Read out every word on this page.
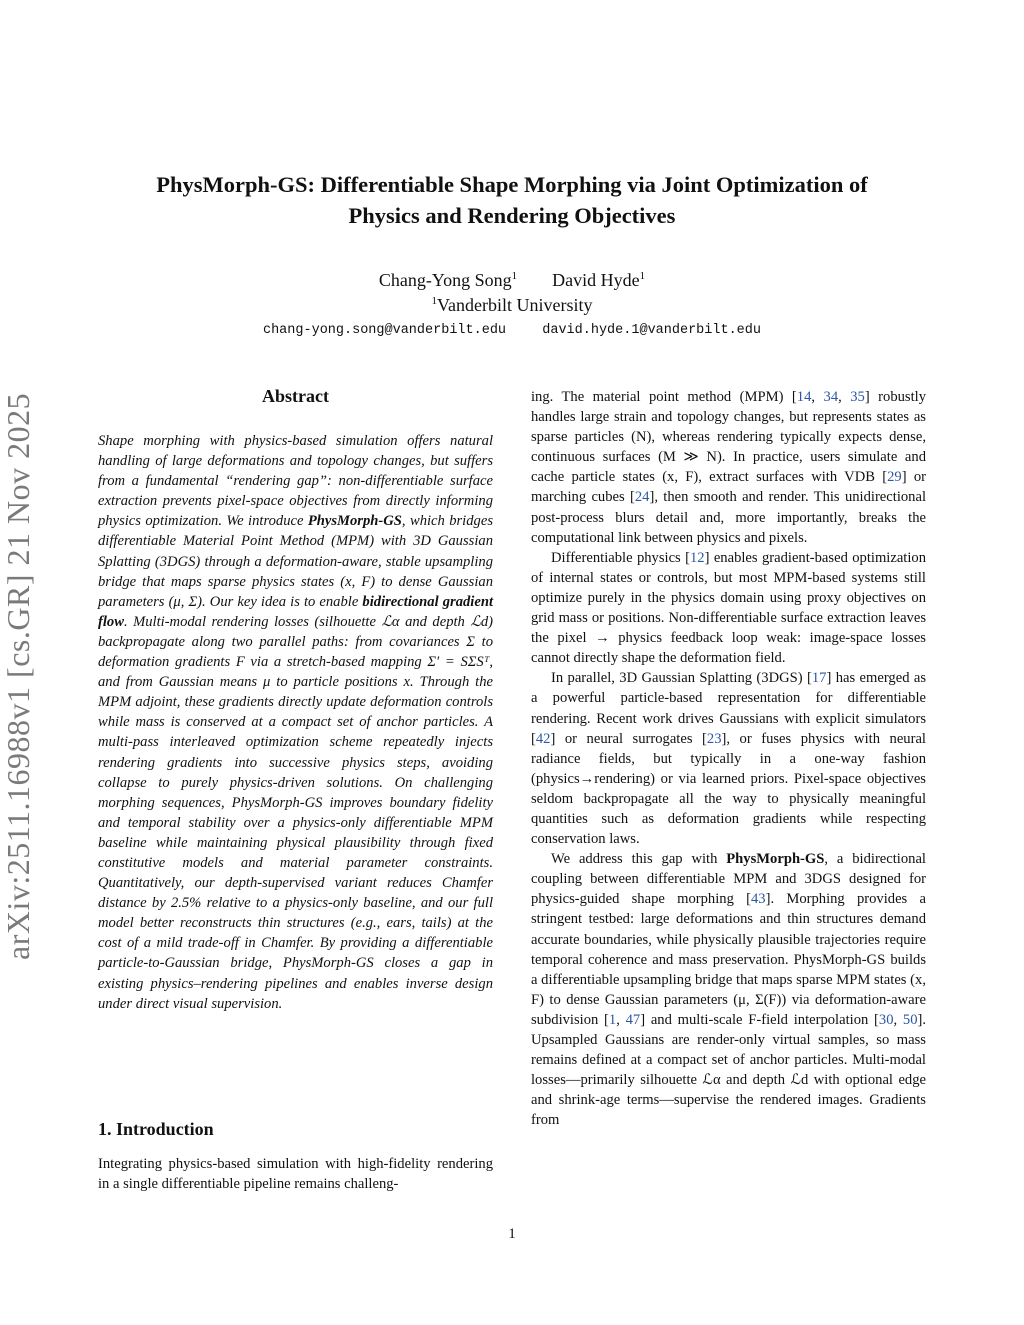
arXiv:2511.16988v1 [cs.GR] 21 Nov 2025
PhysMorph-GS: Differentiable Shape Morphing via Joint Optimization of
Physics and Rendering Objectives
Chang-Yong Song$^1$ David Hyde$^1$
$^1$Vanderbilt University
chang-yong.song@vanderbilt.edu	david.hyde.1@vanderbilt.edu
Abstract

Shape morphing with physics-based simulation offers natural handling of large deformations and topology changes, but suffers from a fundamental “rendering gap”: non-differentiable surface extraction prevents pixel-space objectives from directly informing physics optimization. We introduce PhysMorph-GS, which bridges differentiable Material Point Method (MPM) with 3D Gaussian Splatting (3DGS) through a deformation-aware, stable upsampling bridge that maps sparse physics states (x, F) to dense Gaussian parameters (μ, Σ). Our key idea is to enable bidirectional gradient flow. Multi-modal rendering losses (silhouette ℒα and depth ℒd) backpropagate along two parallel paths: from covariances Σ to deformation gradients F via a stretch-based mapping Σ′ = SΣSᵀ, and from Gaussian means μ to particle positions x. Through the MPM adjoint, these gradients directly update deformation controls while mass is conserved at a compact set of anchor particles. A multi-pass interleaved optimization scheme repeatedly injects rendering gradients into successive physics steps, avoiding collapse to purely physics-driven solutions. On challenging morphing sequences, PhysMorph-GS improves boundary fidelity and temporal stability over a physics-only differentiable MPM baseline while maintaining physical plausibility through fixed constitutive models and material parameter constraints. Quantitatively, our depth-supervised variant reduces Chamfer distance by 2.5% relative to a physics-only baseline, and our full model better reconstructs thin structures (e.g., ears, tails) at the cost of a mild trade-off in Chamfer. By providing a differentiable particle-to-Gaussian bridge, PhysMorph-GS closes a gap in existing physics–rendering pipelines and enables inverse design under direct visual supervision.

1. Introduction

Integrating physics-based simulation with high-fidelity rendering in a single differentiable pipeline remains challeng-

ing. The material point method (MPM) [14, 34, 35] robustly handles large strain and topology changes, but represents states as sparse particles (N), whereas rendering typically expects dense, continuous surfaces (M ≫ N). In practice, users simulate and cache particle states (x, F), extract surfaces with VDB [29] or marching cubes [24], then smooth and render. This unidirectional post-process blurs detail and, more importantly, breaks the computational link between physics and pixels.

Differentiable physics [12] enables gradient-based optimization of internal states or controls, but most MPM-based systems still optimize purely in the physics domain using proxy objectives on grid mass or positions. Non-differentiable surface extraction leaves the pixel → physics feedback loop weak: image-space losses cannot directly shape the deformation field.

In parallel, 3D Gaussian Splatting (3DGS) [17] has emerged as a powerful particle-based representation for differentiable rendering. Recent work drives Gaussians with explicit simulators [42] or neural surrogates [23], or fuses physics with neural radiance fields, but typically in a one-way fashion (physics→rendering) or via learned priors. Pixel-space objectives seldom backpropagate all the way to physically meaningful quantities such as deformation gradients while respecting conservation laws.

We address this gap with PhysMorph-GS, a bidirectional coupling between differentiable MPM and 3DGS designed for physics-guided shape morphing [43]. Morphing provides a stringent testbed: large deformations and thin structures demand accurate boundaries, while physically plausible trajectories require temporal coherence and mass preservation. PhysMorph-GS builds a differentiable upsampling bridge that maps sparse MPM states (x, F) to dense Gaussian parameters (μ, Σ(F)) via deformation-aware subdivision [1, 47] and multi-scale F-field interpolation [30, 50]. Upsampled Gaussians are render-only virtual samples, so mass remains defined at a compact set of anchor particles. Multi-modal losses—primarily silhouette ℒα and depth ℒd with optional edge and shrink-age terms—supervise the rendered images. Gradients from

1
